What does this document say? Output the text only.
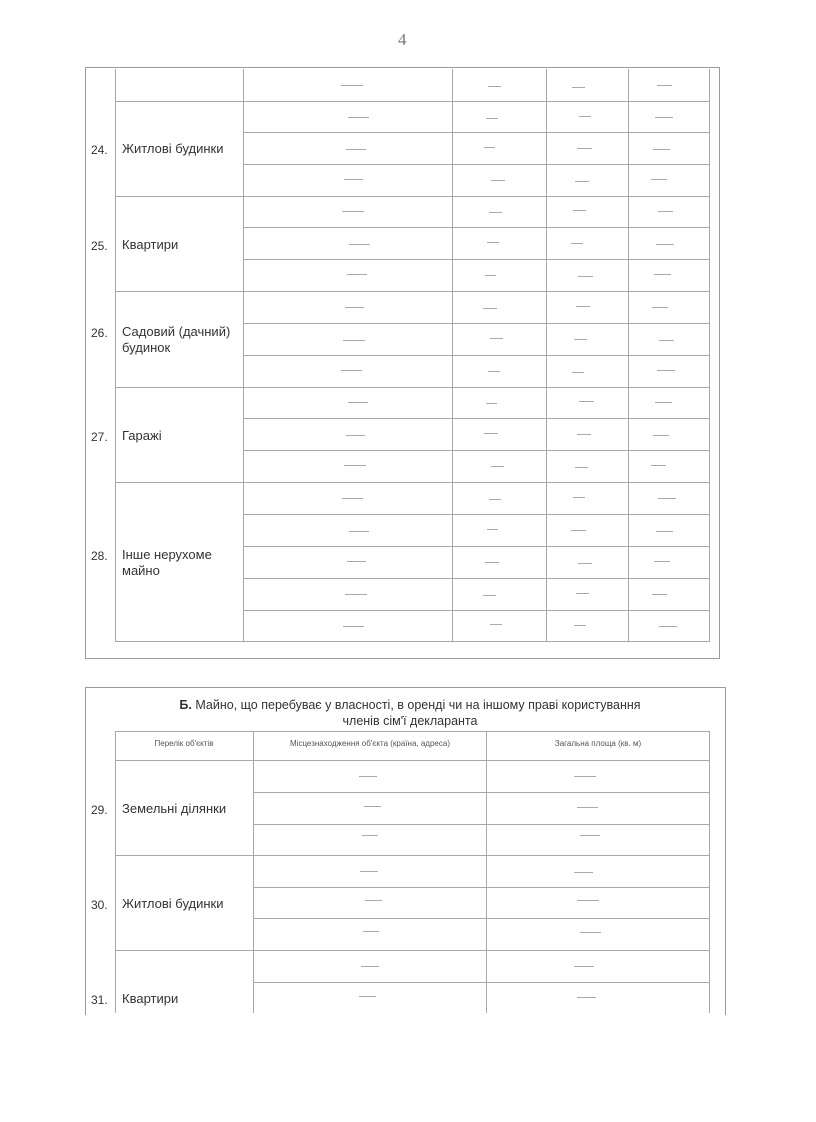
4
24. Житлові будинки
25. Квартири
26. Садовий (дачний) будинок
27. Гаражі
28. Інше нерухоме майно
Б. Майно, що перебуває у власності, в оренді чи на іншому праві користування
членів сім'ї декларанта
Перелік об'єктів	Місцезнаходження об'єкта (країна, адреса)	Загальна площа (кв. м)
29. Земельні ділянки
30. Житлові будинки
31. Квартири
